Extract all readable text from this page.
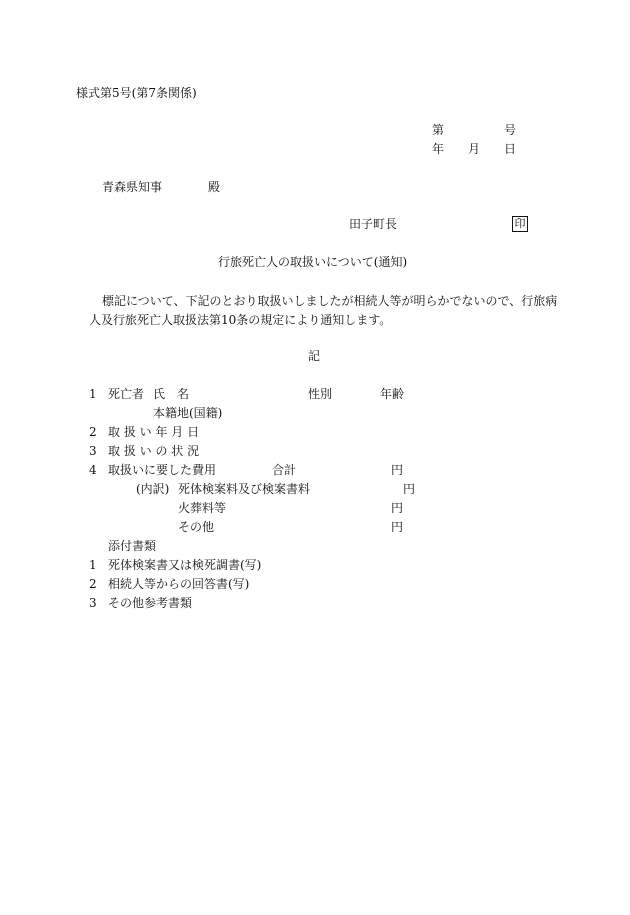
様式第5号(第7条関係)
第	号
年 月 日
青森県知事	殿
田子町長	印
行旅死亡人の取扱いについて(通知)
標記について、下記のとおり取扱いしましたが相続人等が明らかでないので、行旅病
人及行旅死亡人取扱法第10条の規定により通知します。
記
1 死亡者 氏　名	性別	年齢
本籍地(国籍)
2 取 扱 い 年 月 日
3 取 扱 い の 状 況
4 取扱いに要した費用	合計	円
(内訳) 死体検案料及び検案書料	円
火葬料等	円
その他	円
添付書類
1 死体検案書又は検死調書(写)
2 相続人等からの回答書(写)
3 その他参考書類
